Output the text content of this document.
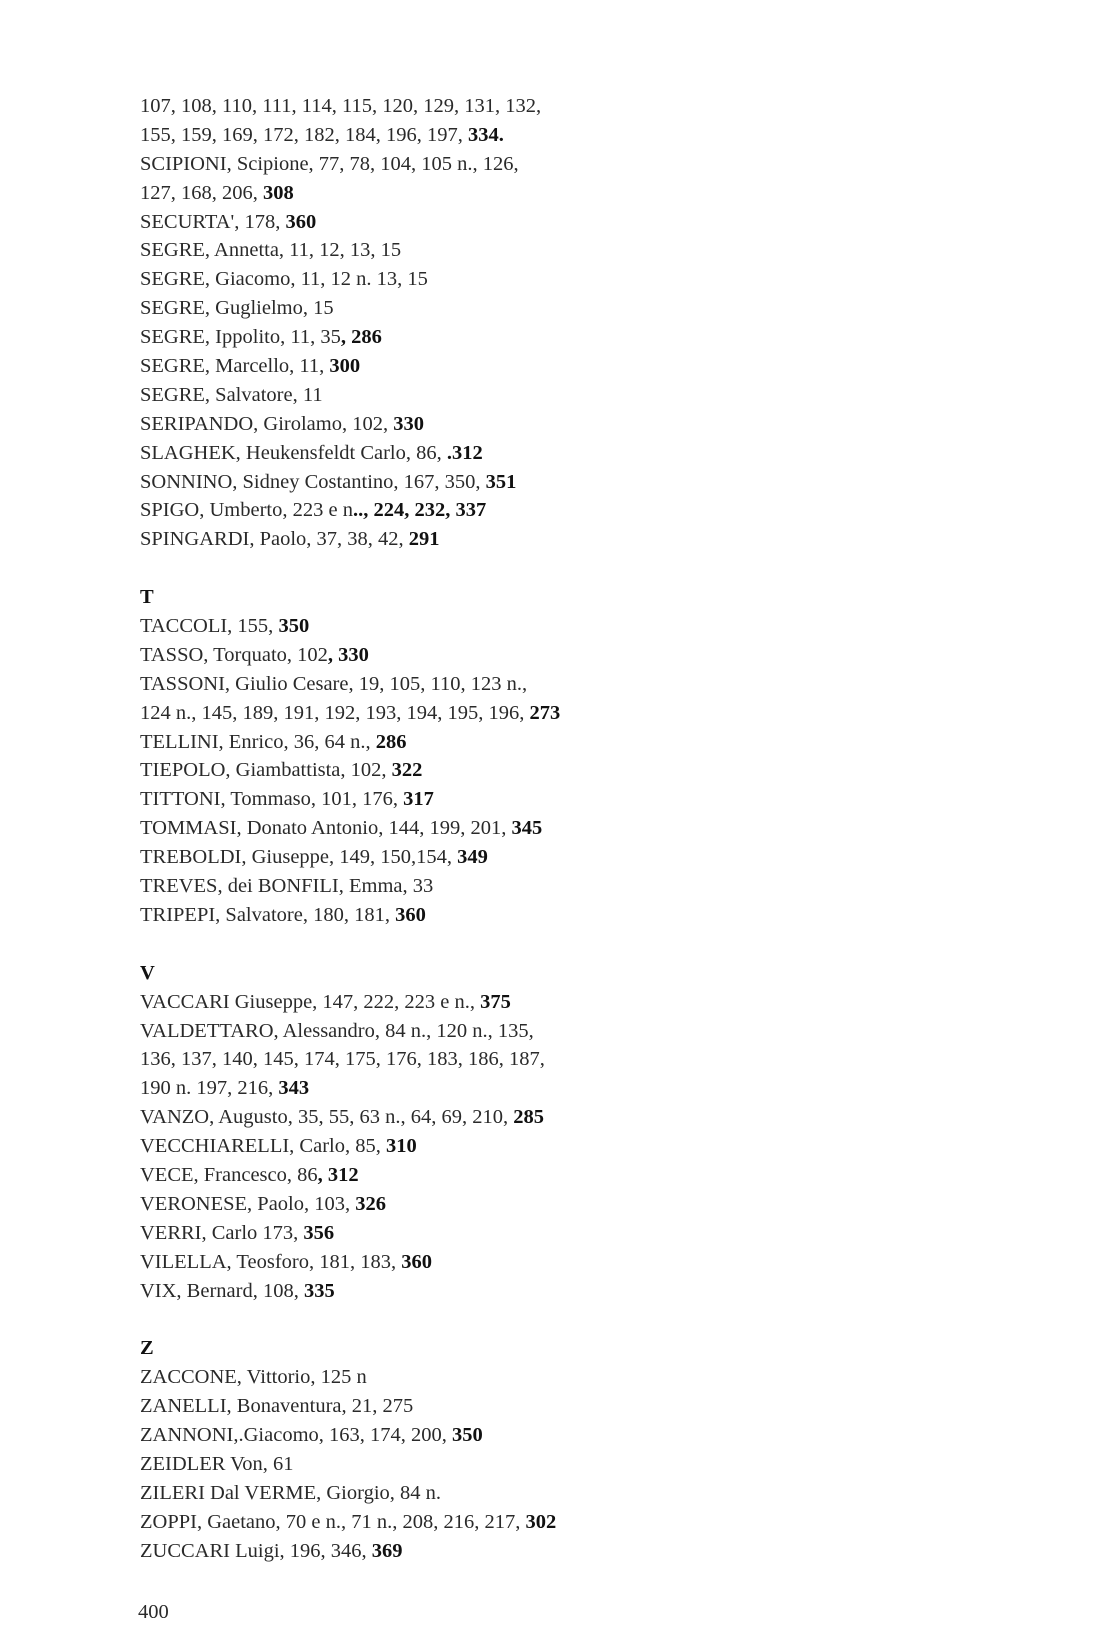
107, 108, 110, 111, 114, 115, 120, 129, 131, 132,
155, 159, 169, 172, 182, 184, 196, 197, 334.
SCIPIONI, Scipione, 77, 78, 104, 105 n., 126,
127, 168, 206, 308
SECURTA', 178, 360
SEGRE, Annetta, 11, 12, 13, 15
SEGRE, Giacomo, 11, 12 n. 13, 15
SEGRE, Guglielmo, 15
SEGRE, Ippolito, 11, 35, 286
SEGRE, Marcello, 11, 300
SEGRE, Salvatore, 11
SERIPANDO, Girolamo, 102, 330
SLAGHEK, Heukensfeldt Carlo, 86, .312
SONNINO, Sidney Costantino, 167, 350, 351
SPIGO, Umberto, 223 e n.., 224, 232, 337
SPINGARDI, Paolo, 37, 38, 42, 291
T
TACCOLI, 155, 350
TASSO, Torquato, 102, 330
TASSONI, Giulio Cesare, 19, 105, 110, 123 n.,
124 n., 145, 189, 191, 192, 193, 194, 195, 196, 273
TELLINI, Enrico, 36, 64 n., 286
TIEPOLO, Giambattista, 102, 322
TITTONI, Tommaso, 101, 176, 317
TOMMASI, Donato Antonio, 144, 199, 201, 345
TREBOLDI, Giuseppe, 149, 150,154, 349
TREVES, dei BONFILI, Emma, 33
TRIPEPI, Salvatore, 180, 181, 360
V
VACCARI Giuseppe, 147, 222, 223 e n., 375
VALDETTARO, Alessandro, 84 n., 120 n., 135,
136, 137, 140, 145, 174, 175, 176, 183, 186, 187,
190 n. 197, 216, 343
VANZO, Augusto, 35, 55, 63 n., 64, 69, 210, 285
VECCHIARELLI, Carlo, 85, 310
VECE, Francesco, 86, 312
VERONESE, Paolo, 103, 326
VERRI, Carlo 173, 356
VILELLA, Teosforo, 181, 183, 360
VIX, Bernard, 108, 335
Z
ZACCONE, Vittorio, 125 n
ZANELLI, Bonaventura, 21, 275
ZANNONI,.Giacomo, 163, 174, 200, 350
ZEIDLER Von, 61
ZILERI Dal VERME, Giorgio, 84 n.
ZOPPI, Gaetano, 70 e n., 71 n., 208, 216, 217, 302
ZUCCARI Luigi, 196, 346, 369
400
